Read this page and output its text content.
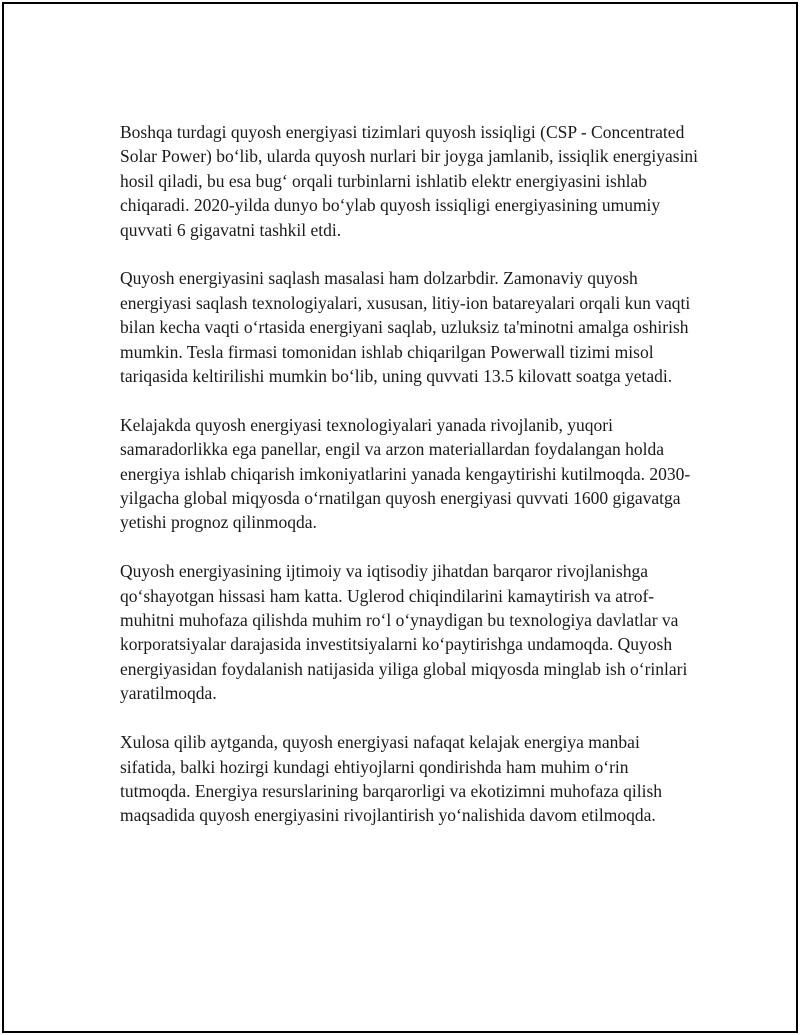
Boshqa turdagi quyosh energiyasi tizimlari quyosh issiqligi (CSP - Concentrated Solar Power) bo‘lib, ularda quyosh nurlari bir joyga jamlanib, issiqlik energiyasini hosil qiladi, bu esa bug‘ orqali turbinlarni ishlatib elektr energiyasini ishlab chiqaradi. 2020-yilda dunyo bo‘ylab quyosh issiqligi energiyasining umumiy quvvati 6 gigavatni tashkil etdi.

Quyosh energiyasini saqlash masalasi ham dolzarbdir. Zamonaviy quyosh energiyasi saqlash texnologiyalari, xususan, litiy-ion batareyalari orqali kun vaqti bilan kecha vaqti o‘rtasida energiyani saqlab, uzluksiz ta'minotni amalga oshirish mumkin. Tesla firmasi tomonidan ishlab chiqarilgan Powerwall tizimi misol tariqasida keltirilishi mumkin bo‘lib, uning quvvati 13.5 kilovatt soatga yetadi.

Kelajakda quyosh energiyasi texnologiyalari yanada rivojlanib, yuqori samaradorlikka ega panellar, engil va arzon materiallardan foydalangan holda energiya ishlab chiqarish imkoniyatlarini yanada kengaytirishi kutilmoqda. 2030-yilgacha global miqyosda o‘rnatilgan quyosh energiyasi quvvati 1600 gigavatga yetishi prognoz qilinmoqda.

Quyosh energiyasining ijtimoiy va iqtisodiy jihatdan barqaror rivojlanishga qo‘shayotgan hissasi ham katta. Uglerod chiqindilarini kamaytirish va atrof-muhitni muhofaza qilishda muhim ro‘l o‘ynaydigan bu texnologiya davlatlar va korporatsiyalar darajasida investitsiyalarni ko‘paytirishga undamoqda. Quyosh energiyasidan foydalanish natijasida yiliga global miqyosda minglab ish o‘rinlari yaratilmoqda.

Xulosa qilib aytganda, quyosh energiyasi nafaqat kelajak energiya manbai sifatida, balki hozirgi kundagi ehtiyojlarni qondirishda ham muhim o‘rin tutmoqda. Energiya resurslarining barqarorligi va ekotizimni muhofaza qilish maqsadida quyosh energiyasini rivojlantirish yo‘nalishida davom etilmoqda.
